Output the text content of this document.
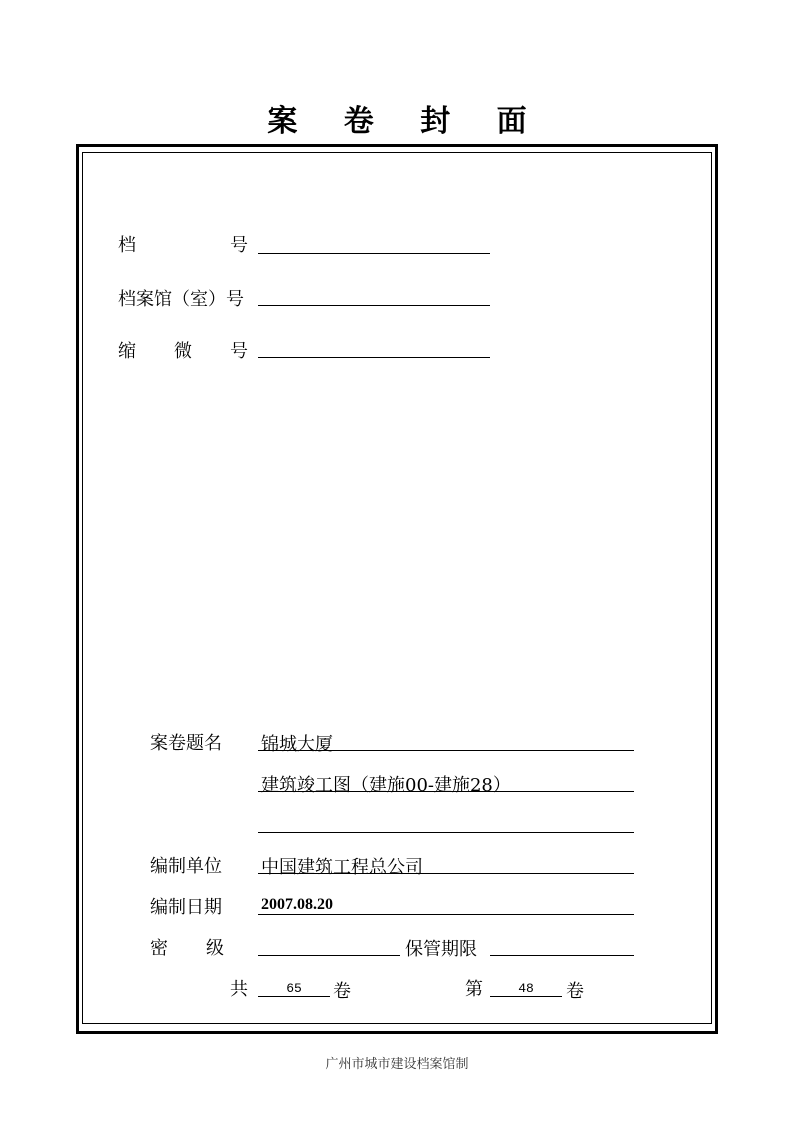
案 卷 封 面
档	号
档案馆（室）号
缩 微 号
案卷题名 锦城大厦
建筑竣工图（建施00-建施28）
编制单位 中国建筑工程总公司
编制日期 2007.08.20
密 级	保管期限
共	65	卷	第	48	卷
广州市城市建设档案馆制
